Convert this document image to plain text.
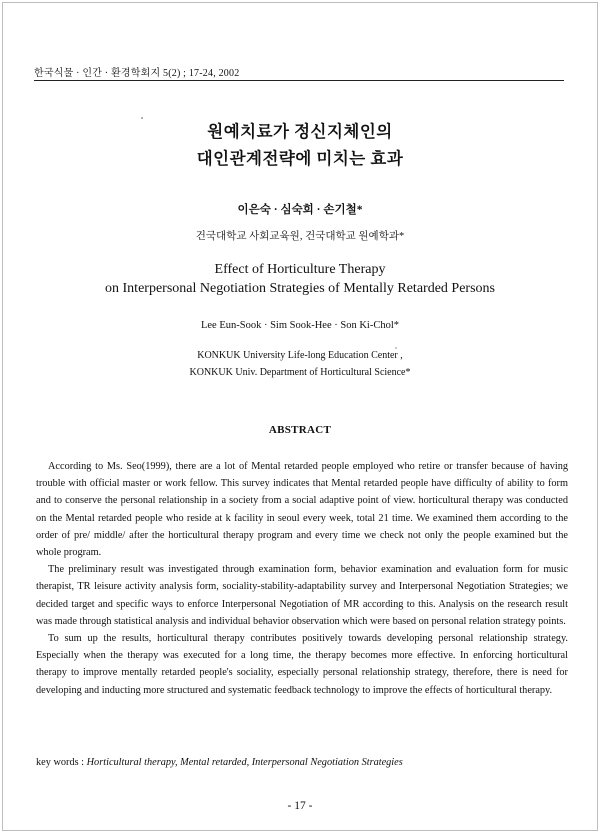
한국식물 · 인간 · 환경학회지 5(2) ; 17-24, 2002
원예치료가 정신지체인의
대인관계전략에 미치는 효과
이은숙 · 심숙희 · 손기철*
건국대학교 사회교육원, 건국대학교 원예학과*
Effect of Horticulture Therapy
on Interpersonal Negotiation Strategies of Mentally Retarded Persons
Lee Eun-Sook · Sim Sook-Hee · Son Ki-Chol*
KONKUK University Life-long Education Center ,
KONKUK Univ. Department of Horticultural Science*
ABSTRACT

According to Ms. Seo(1999), there are a lot of Mental retarded people employed who retire or transfer because of having trouble with official master or work fellow. This survey indicates that Mental retarded people have difficulty of ability to form and to conserve the personal relationship in a society from a social adaptive point of view. horticultural therapy was conducted on the Mental retarded people who reside at k facility in seoul every week, total 21 time. We examined them according to the order of pre/ middle/ after the horticultural therapy program and every time we check not only the people examined but the whole program.

The preliminary result was investigated through examination form, behavior examination and evaluation form for music therapist, TR leisure activity analysis form, sociality-stability-adaptability survey and Interpersonal Negotiation Strategies; we decided target and specific ways to enforce Interpersonal Negotiation of MR according to this. Analysis on the research result was made through statistical analysis and individual behavior observation which were based on personal relation strategy points.

To sum up the results, horticultural therapy contributes positively towards developing personal relationship strategy. Especially when the therapy was executed for a long time, the therapy becomes more effective. In enforcing horticultural therapy to improve mentally retarded people's sociality, especially personal relationship strategy, therefore, there is need for developing and inducting more structured and systematic feedback technology to improve the effects of horticultural therapy.

key words : Horticultural therapy, Mental retarded, Interpersonal Negotiation Strategies
- 17 -
